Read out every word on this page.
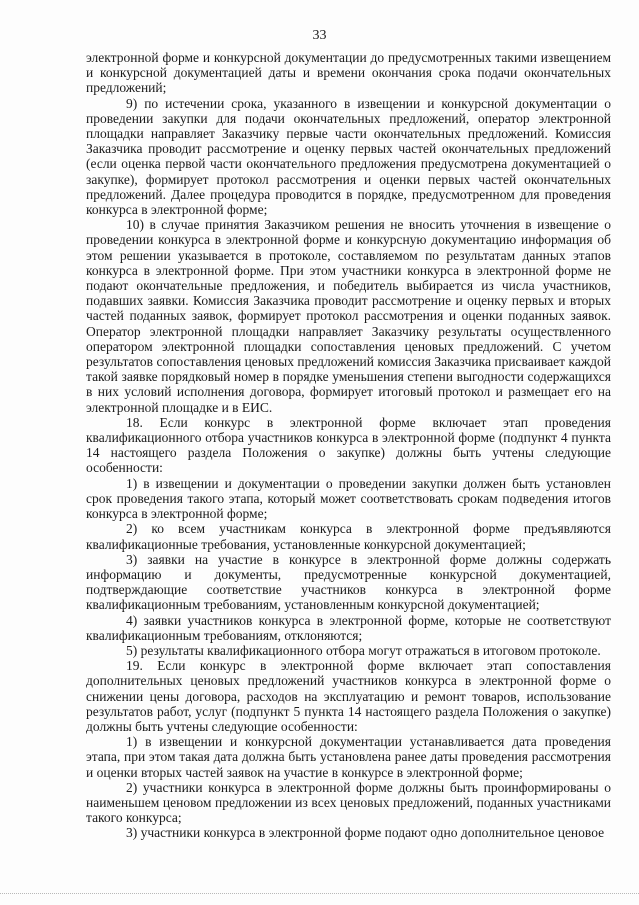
33

электронной форме и конкурсной документации до предусмотренных такими извещением и конкурсной документацией даты и времени окончания срока подачи окончательных предложений;

9) по истечении срока, указанного в извещении и конкурсной документации о проведении закупки для подачи окончательных предложений, оператор электронной площадки направляет Заказчику первые части окончательных предложений. Комиссия Заказчика проводит рассмотрение и оценку первых частей окончательных предложений (если оценка первой части окончательного предложения предусмотрена документацией о закупке), формирует протокол рассмотрения и оценки первых частей окончательных предложений. Далее процедура проводится в порядке, предусмотренном для проведения конкурса в электронной форме;

10) в случае принятия Заказчиком решения не вносить уточнения в извещение о проведении конкурса в электронной форме и конкурсную документацию информация об этом решении указывается в протоколе, составляемом по результатам данных этапов конкурса в электронной форме. При этом участники конкурса в электронной форме не подают окончательные предложения, и победитель выбирается из числа участников, подавших заявки. Комиссия Заказчика проводит рассмотрение и оценку первых и вторых частей поданных заявок, формирует протокол рассмотрения и оценки поданных заявок. Оператор электронной площадки направляет Заказчику результаты осуществленного оператором электронной площадки сопоставления ценовых предложений. С учетом результатов сопоставления ценовых предложений комиссия Заказчика присваивает каждой такой заявке порядковый номер в порядке уменьшения степени выгодности содержащихся в них условий исполнения договора, формирует итоговый протокол и размещает его на электронной площадке и в ЕИС.

18. Если конкурс в электронной форме включает этап проведения квалификационного отбора участников конкурса в электронной форме (подпункт 4 пункта 14 настоящего раздела Положения о закупке) должны быть учтены следующие особенности:

1) в извещении и документации о проведении закупки должен быть установлен срок проведения такого этапа, который может соответствовать срокам подведения итогов конкурса в электронной форме;

2) ко всем участникам конкурса в электронной форме предъявляются квалификационные требования, установленные конкурсной документацией;

3) заявки на участие в конкурсе в электронной форме должны содержать информацию и документы, предусмотренные конкурсной документацией, подтверждающие соответствие участников конкурса в электронной форме квалификационным требованиям, установленным конкурсной документацией;

4) заявки участников конкурса в электронной форме, которые не соответствуют квалификационным требованиям, отклоняются;

5) результаты квалификационного отбора могут отражаться в итоговом протоколе.

19. Если конкурс в электронной форме включает этап сопоставления дополнительных ценовых предложений участников конкурса в электронной форме о снижении цены договора, расходов на эксплуатацию и ремонт товаров, использование результатов работ, услуг (подпункт 5 пункта 14 настоящего раздела Положения о закупке) должны быть учтены следующие особенности:

1) в извещении и конкурсной документации устанавливается дата проведения этапа, при этом такая дата должна быть установлена ранее даты проведения рассмотрения и оценки вторых частей заявок на участие в конкурсе в электронной форме;

2) участники конкурса в электронной форме должны быть проинформированы о наименьшем ценовом предложении из всех ценовых предложений, поданных участниками такого конкурса;

3) участники конкурса в электронной форме подают одно дополнительное ценовое
